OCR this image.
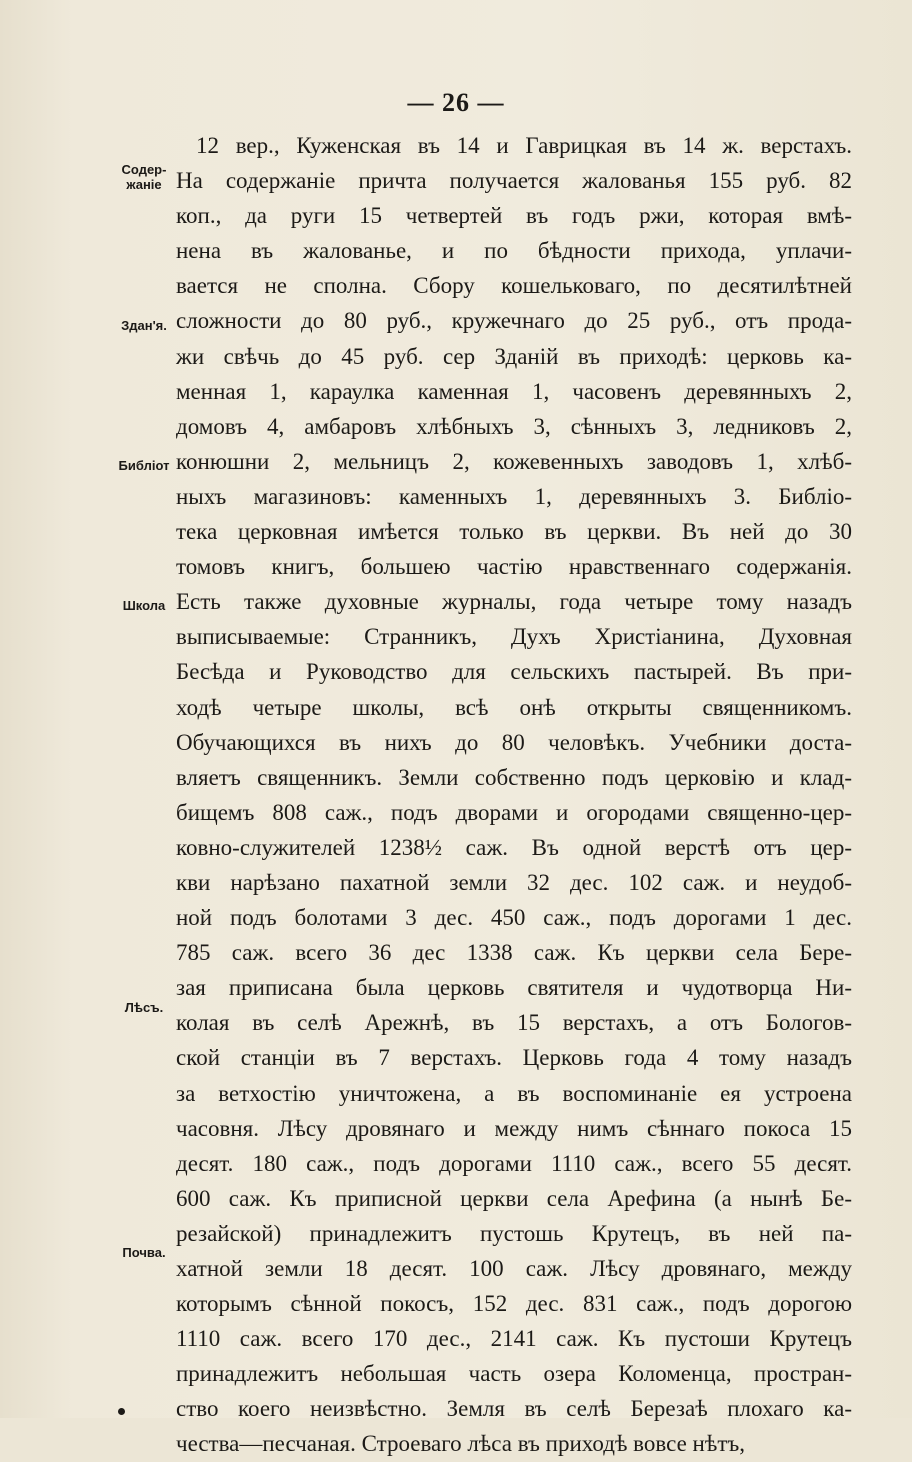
— 26 —
Содер-
жаніе
Здан'я.
Библіот
Школа
Лѣсъ.
Почва.
12 вер., Куженская въ 14 и Гаврицкая въ 14 ж. верстахъ.
На содержаніе причта получается жалованья 155 руб. 82
коп., да руги 15 четвертей въ годъ ржи, которая вмѣ-
нена въ жалованье, и по бѣдности прихода, уплачи-
вается не сполна. Сбору кошельковаго, по десятилѣтней
сложности до 80 руб., кружечнаго до 25 руб., отъ прода-
жи свѣчь до 45 руб. сер Зданій въ приходѣ: церковь ка-
менная 1, караулка каменная 1, часовенъ деревянныхъ 2,
домовъ 4, амбаровъ хлѣбныхъ 3, сѣнныхъ 3, ледниковъ 2,
конюшни 2, мельницъ 2, кожевенныхъ заводовъ 1, хлѣб-
ныхъ магазиновъ: каменныхъ 1, деревянныхъ 3. Библіо-
тека церковная имѣется только въ церкви. Въ ней до 30
томовъ книгъ, большею частію нравственнаго содержанія.
Есть также духовные журналы, года четыре тому назадъ
выписываемые: Странникъ, Духъ Христіанина, Духовная
Бесѣда и Руководство для сельскихъ пастырей. Въ при-
ходѣ четыре школы, всѣ онѣ открыты священникомъ.
Обучающихся въ нихъ до 80 человѣкъ. Учебники доста-
вляетъ священникъ. Земли собственно подъ церковію и клад-
бищемъ 808 саж., подъ дворами и огородами священно-цер-
ковно-служителей 1238½ саж. Въ одной верстѣ отъ цер-
кви нарѣзано пахатной земли 32 дес. 102 саж. и неудоб-
ной подъ болотами 3 дес. 450 саж., подъ дорогами 1 дес.
785 саж. всего 36 дес 1338 саж. Къ церкви села Бере-
зая приписана была церковь святителя и чудотворца Ни-
колая въ селѣ Арежнѣ, въ 15 верстахъ, а отъ Бологов-
ской станціи въ 7 верстахъ. Церковь года 4 тому назадъ
за ветхостію уничтожена, а въ воспоминаніе ея устроена
часовня. Лѣсу дровянаго и между нимъ сѣннаго покоса 15
десят. 180 саж., подъ дорогами 1110 саж., всего 55 десят.
600 саж. Къ приписной церкви села Арефина (а нынѣ Бе-
резайской) принадлежитъ пустошь Крутецъ, въ ней па-
хатной земли 18 десят. 100 саж. Лѣсу дровянаго, между
которымъ сѣнной покосъ, 152 дес. 831 саж., подъ дорогою
1110 саж. всего 170 дес., 2141 саж. Къ пустоши Крутецъ
принадлежитъ небольшая часть озера Коломенца, простран-
ство коего неизвѣстно. Земля въ селѣ Березаѣ плохаго ка-
чества—песчаная. Строеваго лѣса въ приходѣ вовсе нѣтъ,
